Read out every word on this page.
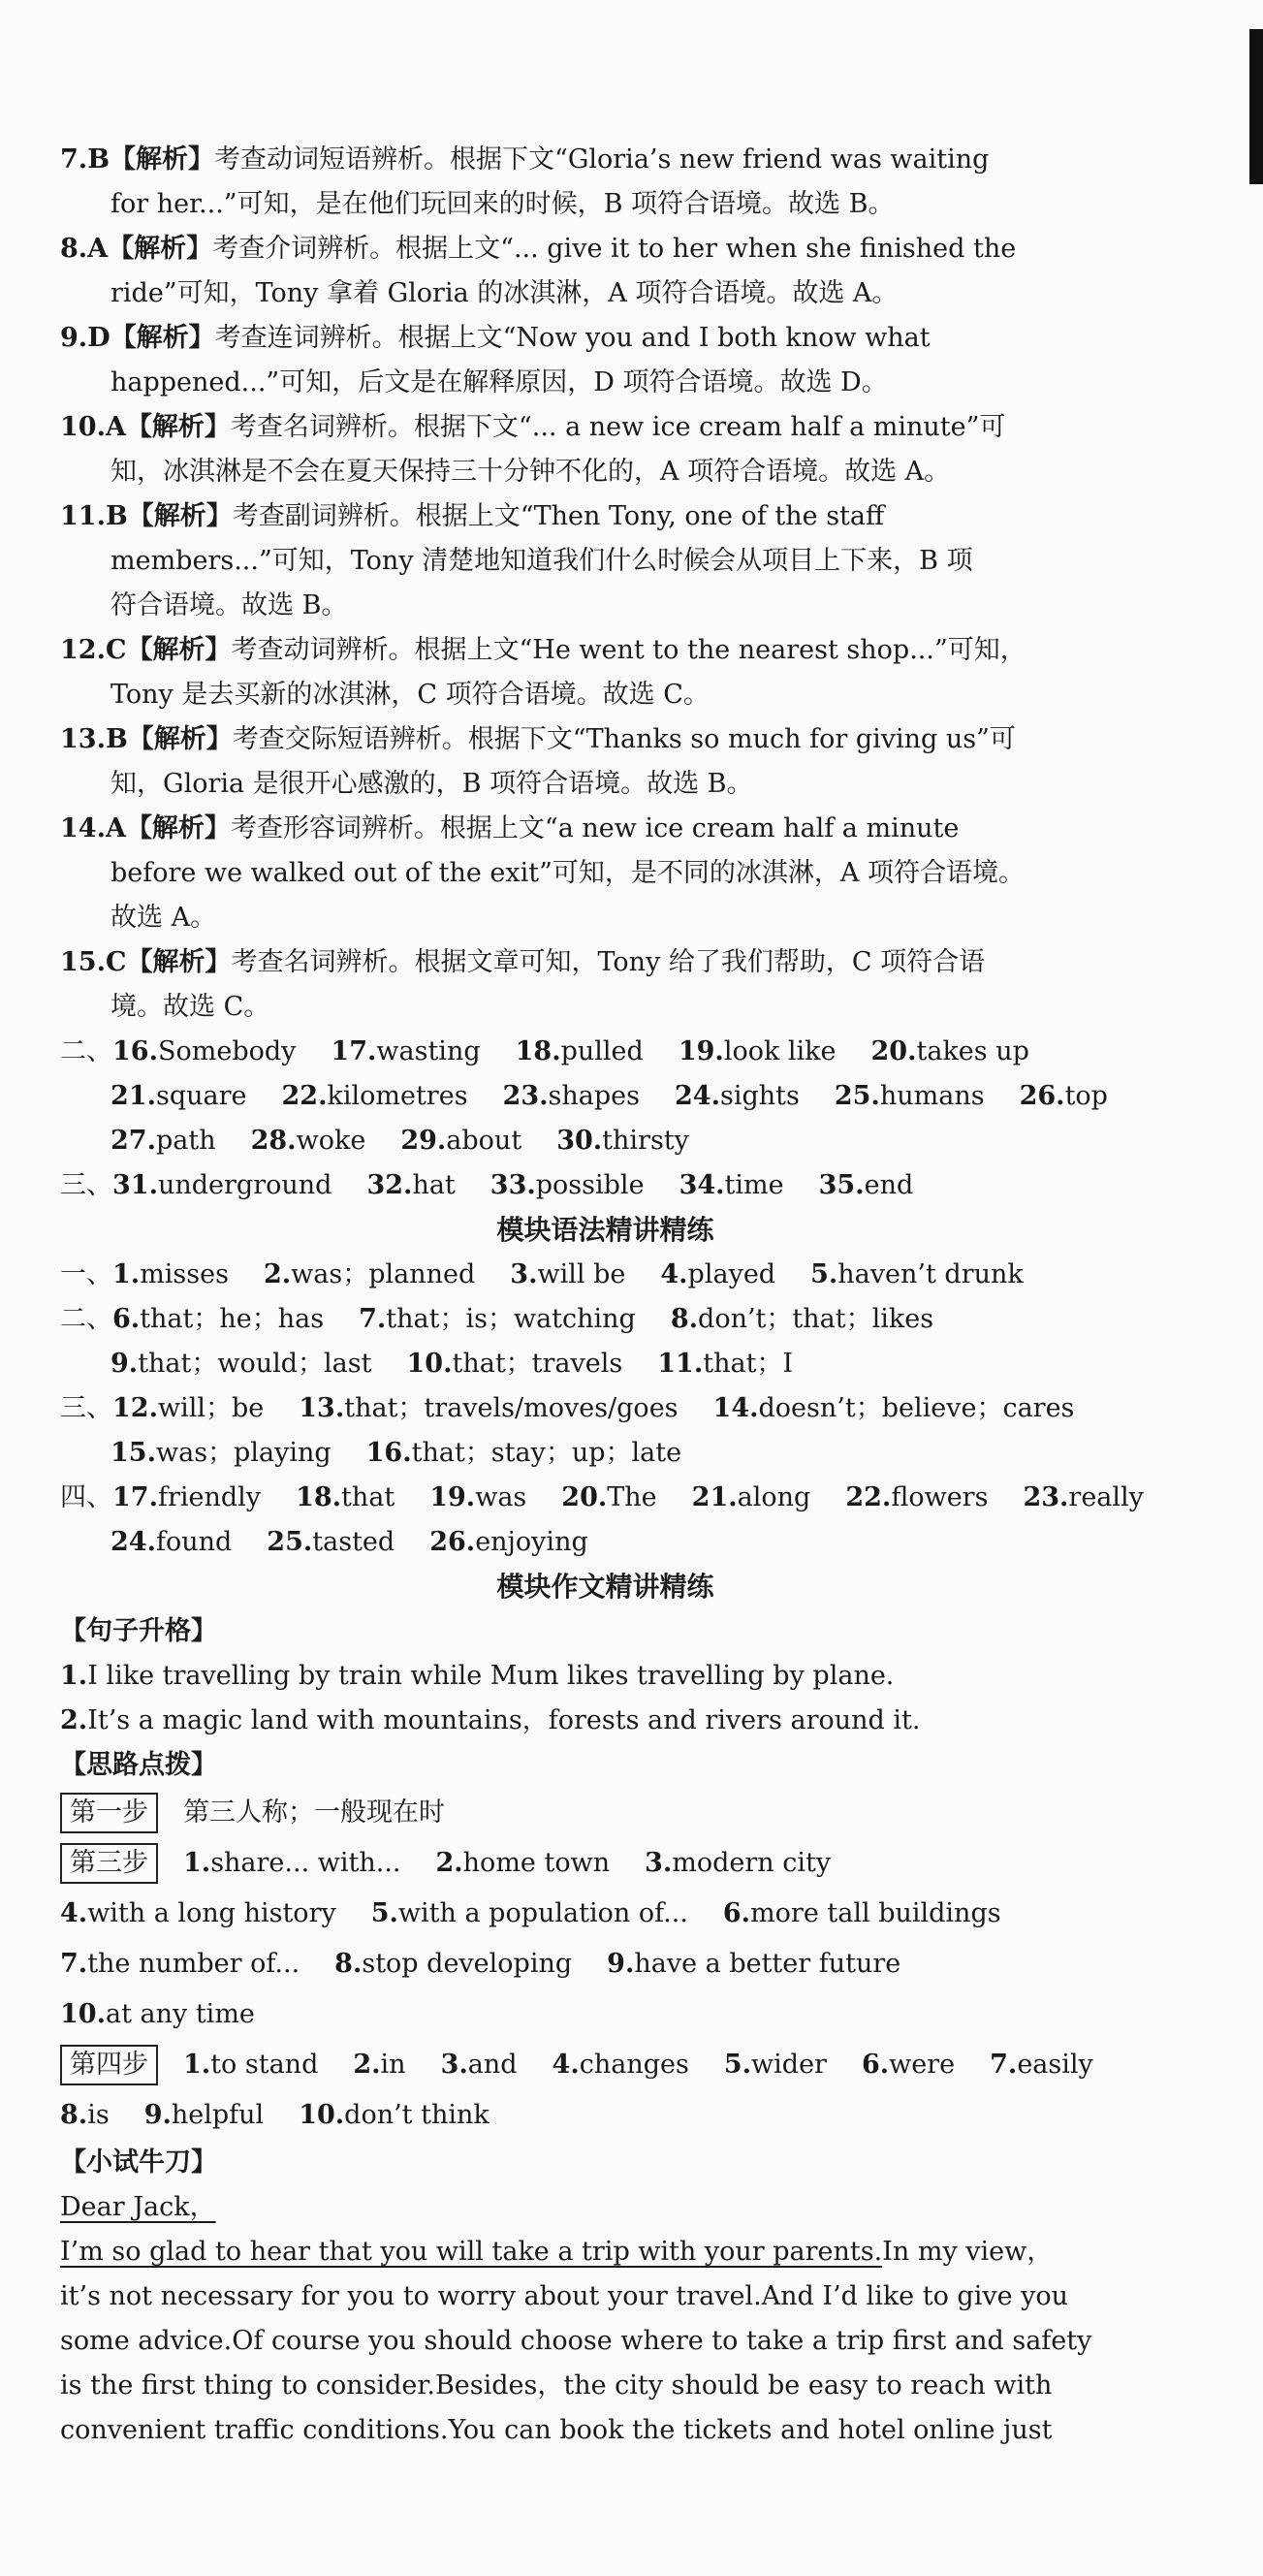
7.B【解析】考查动词短语辨析。根据下文“Gloria’s new friend was waiting
for her...”可知，是在他们玩回来的时候，B 项符合语境。故选 B。
8.A【解析】考查介词辨析。根据上文“... give it to her when she finished the
ride”可知，Tony 拿着 Gloria 的冰淇淋，A 项符合语境。故选 A。
9.D【解析】考查连词辨析。根据上文“Now you and I both know what
happened...”可知，后文是在解释原因，D 项符合语境。故选 D。
10.A【解析】考查名词辨析。根据下文“... a new ice cream half a minute”可
知，冰淇淋是不会在夏天保持三十分钟不化的，A 项符合语境。故选 A。
11.B【解析】考查副词辨析。根据上文“Then Tony, one of the staff
members...”可知，Tony 清楚地知道我们什么时候会从项目上下来，B 项
符合语境。故选 B。
12.C【解析】考查动词辨析。根据上文“He went to the nearest shop...”可知，
Tony 是去买新的冰淇淋，C 项符合语境。故选 C。
13.B【解析】考查交际短语辨析。根据下文“Thanks so much for giving us”可
知，Gloria 是很开心感激的，B 项符合语境。故选 B。
14.A【解析】考查形容词辨析。根据上文“a new ice cream half a minute
before we walked out of the exit”可知，是不同的冰淇淋，A 项符合语境。
故选 A。
15.C【解析】考查名词辨析。根据文章可知，Tony 给了我们帮助，C 项符合语
境。故选 C。
二、16.Somebody 17.wasting 18.pulled 19.look like 20.takes up
21.square 22.kilometres 23.shapes 24.sights 25.humans 26.top
27.path 28.woke 29.about 30.thirsty
三、31.underground 32.hat 33.possible 34.time 35.end
模块语法精讲精练
一、1.misses 2.was；planned 3.will be 4.played 5.haven’t drunk
二、6.that；he；has 7.that；is；watching 8.don’t；that；likes
9.that；would；last 10.that；travels 11.that；I
三、12.will；be 13.that；travels/moves/goes 14.doesn’t；believe；cares
15.was；playing 16.that；stay；up；late
四、17.friendly 18.that 19.was 20.The 21.along 22.flowers 23.really
24.found 25.tasted 26.enjoying
模块作文精讲精练
【句子升格】
1.I like travelling by train while Mum likes travelling by plane.
2.It’s a magic land with mountains，forests and rivers around it.
【思路点拨】
第一步 第三人称；一般现在时
第三步 1.share... with... 2.home town 3.modern city
4.with a long history 5.with a population of... 6.more tall buildings
7.the number of... 8.stop developing 9.have a better future
10.at any time
第四步 1.to stand 2.in 3.and 4.changes 5.wider 6.were 7.easily
8.is 9.helpful 10.don’t think
【小试牛刀】
Dear Jack，
I’m so glad to hear that you will take a trip with your parents.In my view，
it’s not necessary for you to worry about your travel.And I’d like to give you
some advice.Of course you should choose where to take a trip first and safety
is the first thing to consider.Besides，the city should be easy to reach with
convenient traffic conditions.You can book the tickets and hotel online just
